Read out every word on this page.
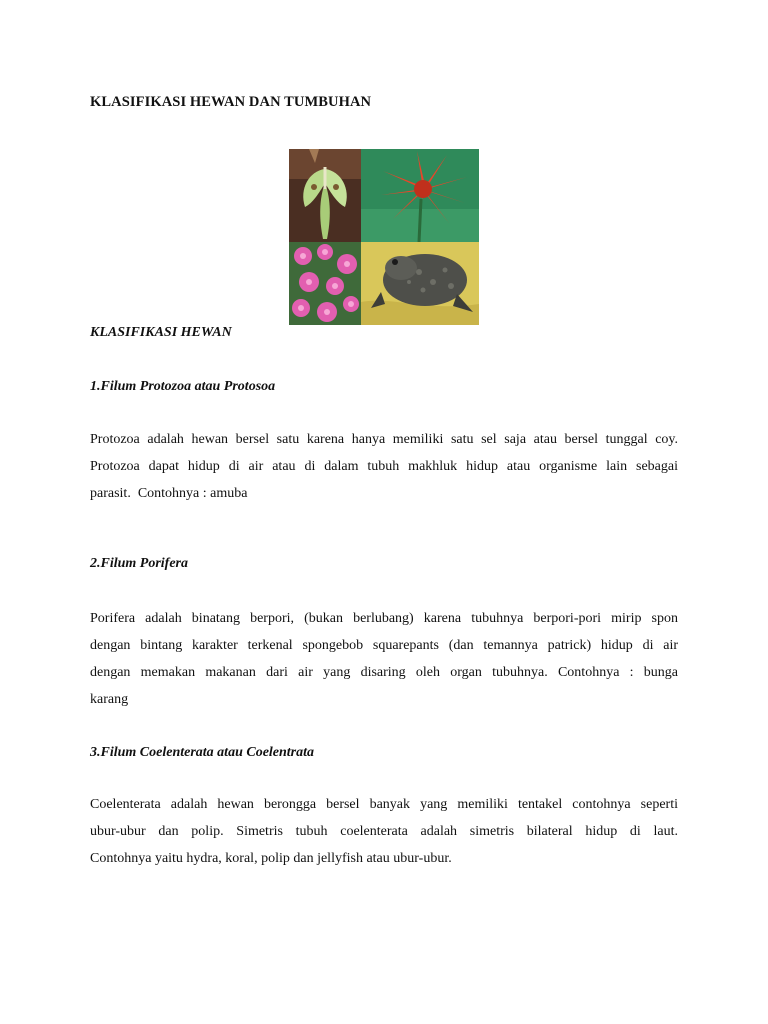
KLASIFIKASI HEWAN DAN TUMBUHAN
KLASIFIKASI HEWAN
1.Filum Protozoa atau Protosoa

Protozoa adalah hewan bersel satu karena hanya memiliki satu sel saja atau bersel tunggal coy.
Protozoa dapat hidup di air atau di dalam tubuh makhluk hidup atau organisme lain sebagai
parasit.  Contohnya : amuba

2.Filum Porifera

Porifera adalah binatang berpori, (bukan berlubang) karena tubuhnya berpori-pori mirip spon
dengan bintang karakter terkenal spongebob squarepants (dan temannya patrick) hidup di air
dengan memakan makanan dari air yang disaring oleh organ tubuhnya. Contohnya : bunga
karang

3.Filum Coelenterata atau Coelentrata

Coelenterata adalah hewan berongga bersel banyak yang memiliki tentakel contohnya seperti
ubur-ubur dan polip. Simetris tubuh coelenterata adalah simetris bilateral hidup di laut.
Contohnya yaitu hydra, koral, polip dan jellyfish atau ubur-ubur.
